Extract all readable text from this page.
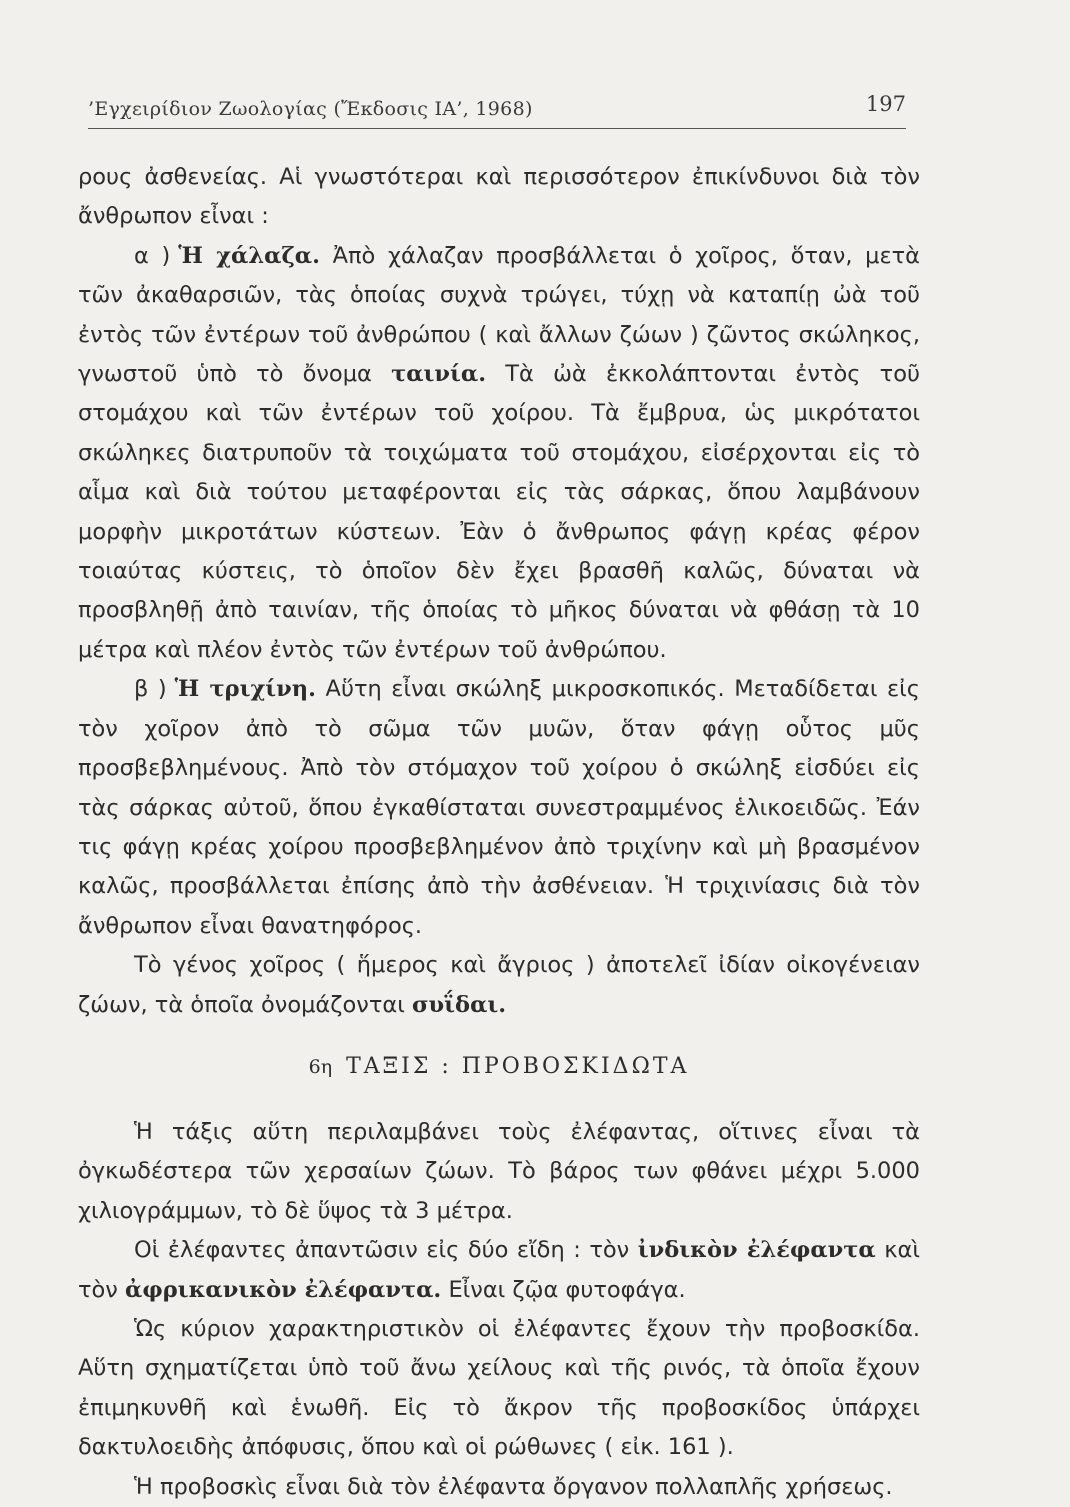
’Εγχειρίδιον Ζωολογίας (Ἔκδοσις ΙΑ’, 1968)	197

ρους ἀσθενείας. Αἱ γνωστότεραι καὶ περισσότερον ἐπικίνδυνοι διὰ τὸν ἄνθρωπον εἶναι :

α ) Ἡ χάλαζα. Ἀπὸ χάλαζαν προσβάλλεται ὁ χοῖρος, ὅταν, μετὰ τῶν ἀκαθαρσιῶν, τὰς ὁποίας συχνὰ τρώγει, τύχῃ νὰ καταπίῃ ὠὰ τοῦ ἐντὸς τῶν ἐντέρων τοῦ ἀνθρώπου ( καὶ ἄλλων ζώων ) ζῶντος σκώληκος, γνωστοῦ ὑπὸ τὸ ὄνομα ταινία. Τὰ ὠὰ ἐκκολάπτονται ἐντὸς τοῦ στομάχου καὶ τῶν ἐντέρων τοῦ χοίρου. Τὰ ἔμβρυα, ὡς μικρότατοι σκώληκες διατρυποῦν τὰ τοιχώματα τοῦ στομάχου, εἰσέρχονται εἰς τὸ αἷμα καὶ διὰ τούτου μεταφέρονται εἰς τὰς σάρκας, ὅπου λαμβάνουν μορφὴν μικροτάτων κύστεων. Ἐὰν ὁ ἄνθρωπος φάγῃ κρέας φέρον τοιαύτας κύστεις, τὸ ὁποῖον δὲν ἔχει βρασθῆ καλῶς, δύναται νὰ προσβληθῇ ἀπὸ ταινίαν, τῆς ὁποίας τὸ μῆκος δύναται νὰ φθάσῃ τὰ 10 μέτρα καὶ πλέον ἐντὸς τῶν ἐντέρων τοῦ ἀνθρώπου.

β ) Ἡ τριχίνη. Αὕτη εἶναι σκώληξ μικροσκοπικός. Μεταδίδεται εἰς τὸν χοῖρον ἀπὸ τὸ σῶμα τῶν μυῶν, ὅταν φάγῃ οὗτος μῦς προσβεβλημένους. Ἀπὸ τὸν στόμαχον τοῦ χοίρου ὁ σκώληξ εἰσδύει εἰς τὰς σάρκας αὐτοῦ, ὅπου ἐγκαθίσταται συνεστραμμένος ἑλικοειδῶς. Ἐάν τις φάγῃ κρέας χοίρου προσβεβλημένον ἀπὸ τριχίνην καὶ μὴ βρασμένον καλῶς, προσβάλλεται ἐπίσης ἀπὸ τὴν ἀσθένειαν. Ἡ τριχινίασις διὰ τὸν ἄνθρωπον εἶναι θανατηφόρος.

Τὸ γένος χοῖρος ( ἥμερος καὶ ἄγριος ) ἀποτελεῖ ἰδίαν οἰκογένειαν ζώων, τὰ ὁποῖα ὀνομάζονται συΐδαι.

6η ΤΑΞΙΣ : ΠΡΟΒΟΣΚΙΔΩΤΑ

Ἡ τάξις αὕτη περιλαμβάνει τοὺς ἐλέφαντας, οἵτινες εἶναι τὰ ὀγκωδέστερα τῶν χερσαίων ζώων. Τὸ βάρος των φθάνει μέχρι 5.000 χιλιογράμμων, τὸ δὲ ὕψος τὰ 3 μέτρα.

Οἱ ἐλέφαντες ἀπαντῶσιν εἰς δύο εἴδη : τὸν ἰνδικὸν ἐλέφαντα καὶ τὸν ἀφρικανικὸν ἐλέφαντα. Εἶναι ζῷα φυτοφάγα.

Ὡς κύριον χαρακτηριστικὸν οἱ ἐλέφαντες ἔχουν τὴν προβοσκίδα. Αὕτη σχηματίζεται ὑπὸ τοῦ ἄνω χείλους καὶ τῆς ρινός, τὰ ὁποῖα ἔχουν ἐπιμηκυνθῆ καὶ ἑνωθῆ. Εἰς τὸ ἄκρον τῆς προβοσκίδος ὑπάρχει δακτυλοειδὴς ἀπόφυσις, ὅπου καὶ οἱ ρώθωνες ( εἰκ. 161 ).

Ἡ προβοσκὶς εἶναι διὰ τὸν ἐλέφαντα ὄργανον πολλαπλῆς χρήσεως.
